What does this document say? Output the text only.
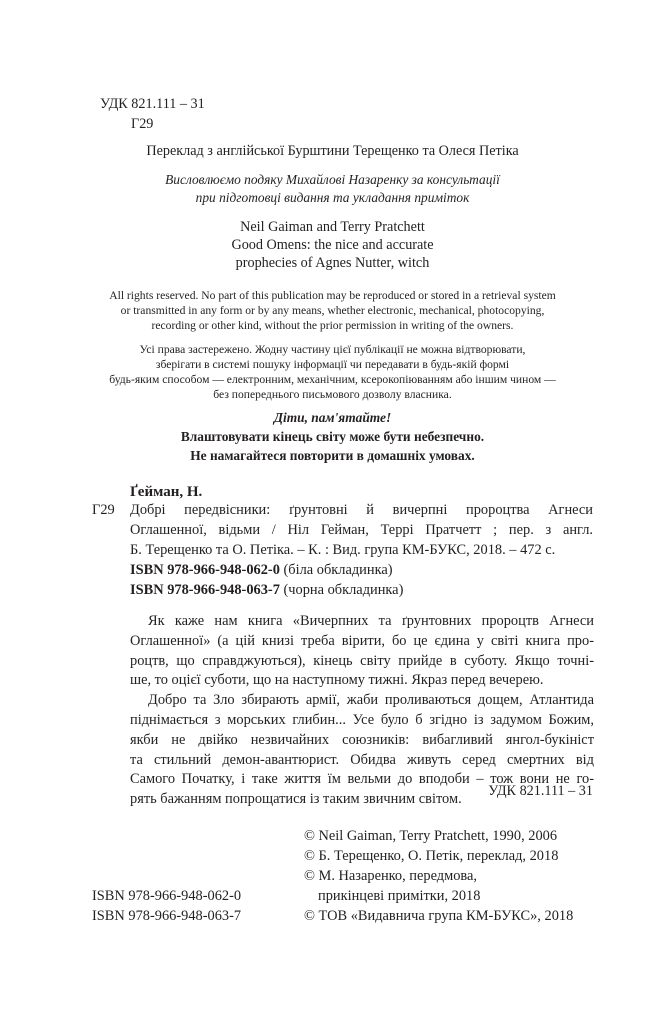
УДК 821.111 – 31
Г29
Переклад з англійської Бурштини Терещенко та Олеся Петіка
Висловлюємо подяку Михайлові Назаренку за консультації
при підготовці видання та укладання приміток
Neil Gaiman and Terry Pratchett
Good Omens: the nice and accurate
prophecies of Agnes Nutter, witch
All rights reserved. No part of this publication may be reproduced or stored in a retrieval system
or transmitted in any form or by any means, whether electronic, mechanical, photocopying,
recording or other kind, without the prior permission in writing of the owners.
Усі права застережено. Жодну частину цієї публікації не можна відтворювати,
зберігати в системі пошуку інформації чи передавати в будь-якій формі
будь-яким способом — електронним, механічним, ксерокопіюванням або іншим чином —
без попереднього письмового дозволу власника.
Діти, пам'ятайте!
Влаштовувати кінець світу може бути небезпечно.
Не намагайтеся повторити в домашніх умовах.
Ґейман, Н.
Г29 Добрі передвісники: ґрунтовні й вичерпні пророцтва Агнеси
Оглашенної, відьми / Ніл Гейман, Террі Пратчетт ; пер. з англ.
Б. Терещенко та О. Петіка. – К. : Вид. група КМ-БУКС, 2018. – 472 с.
ISBN 978-966-948-062-0 (біла обкладинка)
ISBN 978-966-948-063-7 (чорна обкладинка)
Як каже нам книга «Вичерпних та ґрунтовних пророцтв Агнеси
Оглашенної» (а цій книзі треба вірити, бо це єдина у світі книга про-
роцтв, що справджуються), кінець світу прийде в суботу. Якщо точні-
ше, то оцієї суботи, що на наступному тижні. Якраз перед вечерею.
Добро та Зло збирають армії, жаби проливаються дощем, Атлантида
піднімається з морських глибин... Усе було б згідно із задумом Божим,
якби не двійко незвичайних союзників: вибагливий янгол-букініст
та стильний демон-авантюрист. Обидва живуть серед смертних від
Самого Початку, і таке життя їм вельми до вподоби – тож вони не го-
рять бажанням попрощатися із таким звичним світом.
УДК 821.111 – 31
© Neil Gaiman, Terry Pratchett, 1990, 2006
© Б. Терещенко, О. Петік, переклад, 2018
© М. Назаренко, передмова,
прикінцеві примітки, 2018
© ТОВ «Видавнича група КМ-БУКС», 2018
ISBN 978-966-948-062-0
ISBN 978-966-948-063-7
